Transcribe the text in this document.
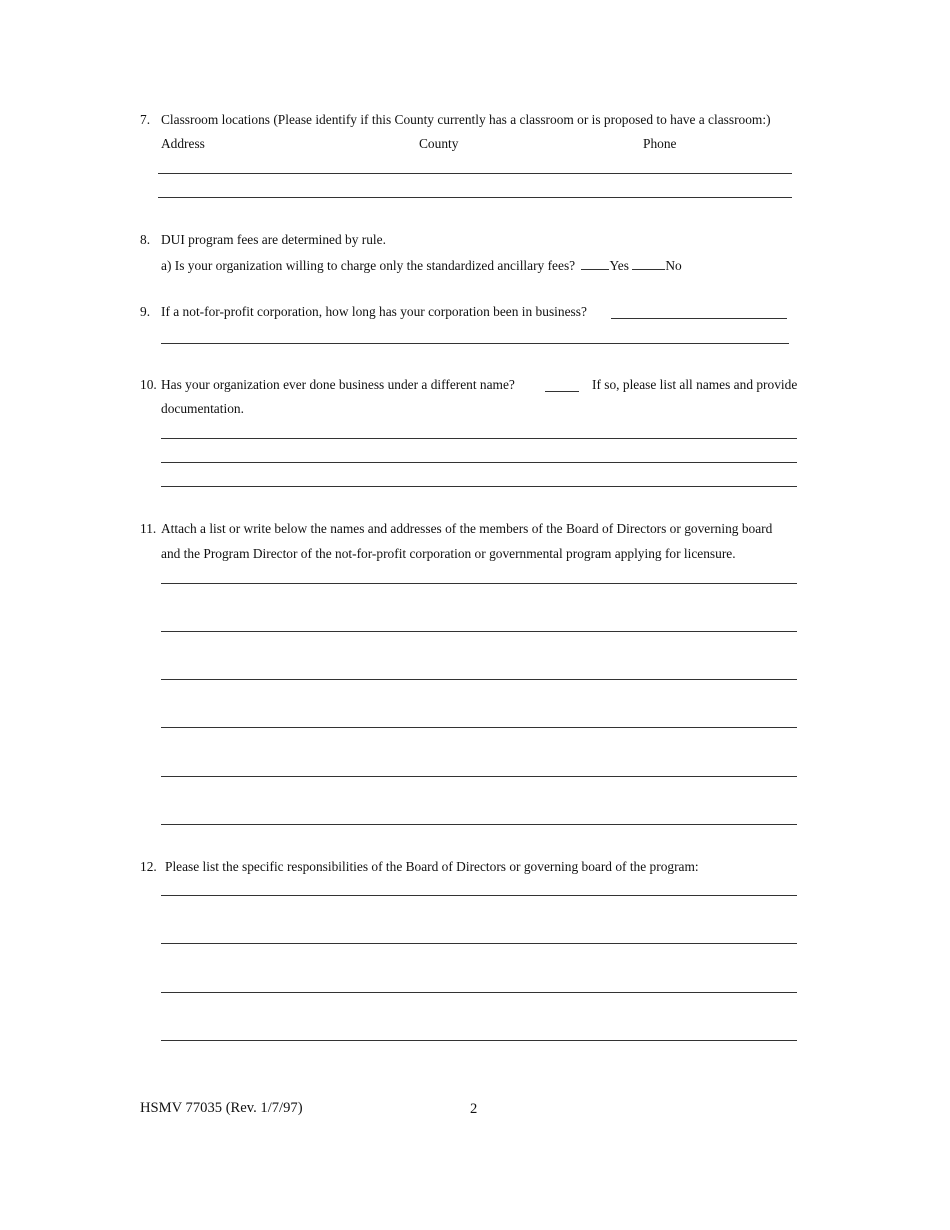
7. Classroom locations (Please identify if this County currently has a classroom or is proposed to have a classroom:)
Address	County	Phone
8. DUI program fees are determined by rule.
a) Is your organization willing to charge only the standardized ancillary fees?	Yes	No
9. If a not-for-profit corporation, how long has your corporation been in business?
10. Has your organization ever done business under a different name?	If so, please list all names and provide
documentation.
11. Attach a list or write below the names and addresses of the members of the Board of Directors or governing board
and the Program Director of the not-for-profit corporation or governmental program applying for licensure.
12. Please list the specific responsibilities of the Board of Directors or governing board of the program:
HSMV 77035 (Rev. 1/7/97)	2
